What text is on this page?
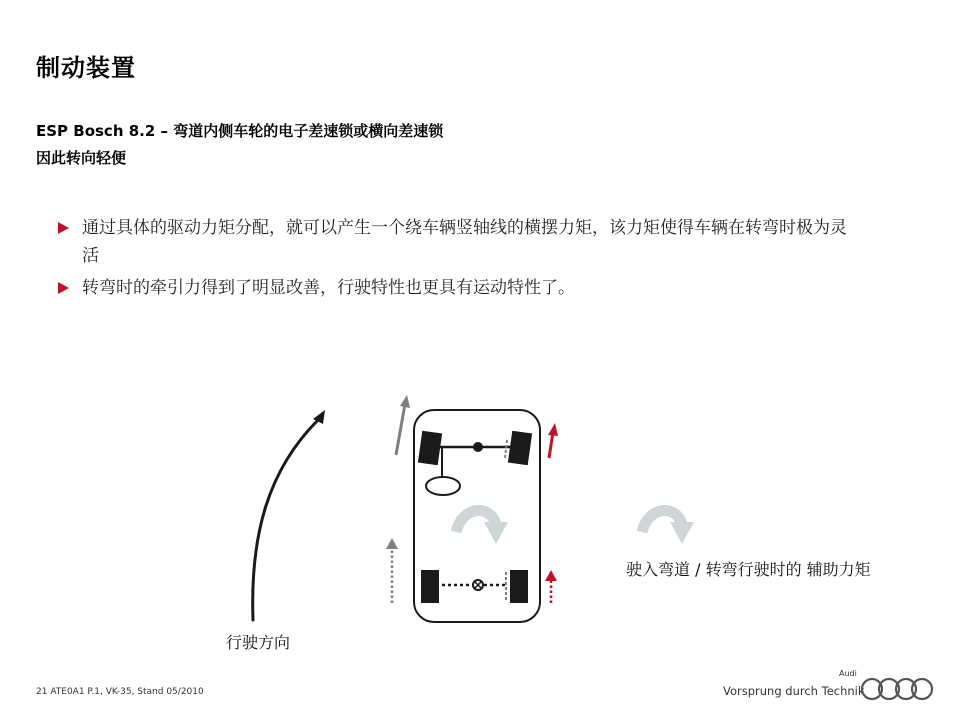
制动装置
ESP Bosch 8.2 – 弯道内侧车轮的电子差速锁或横向差速锁
因此转向轻便
通过具体的驱动力矩分配，就可以产生一个绕车辆竖轴线的横摆力矩，该力矩使得车辆在转弯时极为灵活
转弯时的牵引力得到了明显改善，行驶特性也更具有运动特性了。
行驶方向
驶入弯道 / 转弯行驶时的 辅助力矩
21 ATE0A1 P.1, VK-35, Stand 05/2010	Vorsprung durch Technik
Audi
